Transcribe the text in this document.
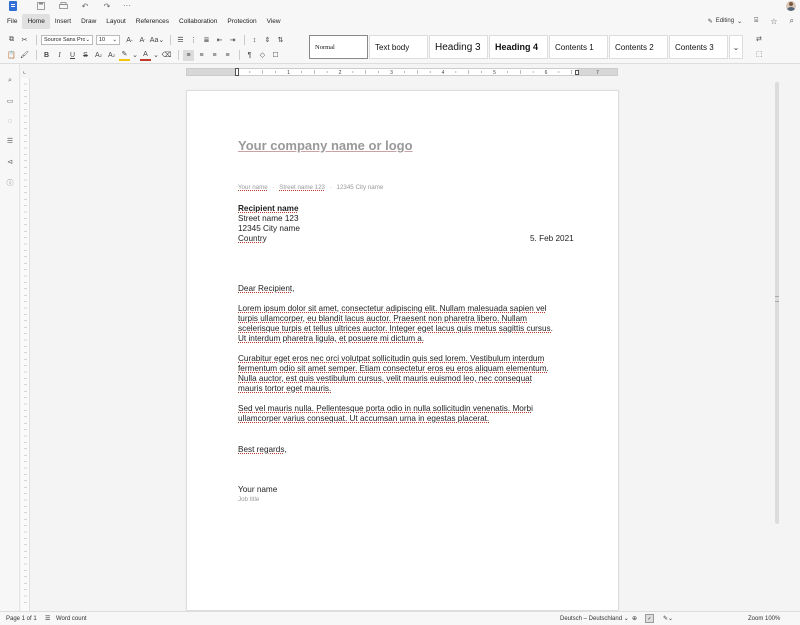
↶ ↷ ···
File	Home	Insert	Draw	Layout	References	Collaboration	Protection	View	✎ Editing ⌄ ⌸ ☆ ⌕
⧉	✂	Source Sans Pro ⌄ 10 ⌄	A ^ A ˇ Aa⌄	☰ ⋮ ≣	⇤	⇥	↕	⇕	⇅
📋 🖌	B	I	U	S	A 2 A 2 ✎ ⌄ A ⌄ ⌫	≡	≡	≡	≡	¶	◇	☐
⇄
⬚
Normal	Text body	Heading 3 Heading 4 Contents 1	Contents 2	Contents 3 ⌄
⌕
▭
◌
☰
⊲
ⓘ
⌞	1	2	3	4	5	6	7
Your company name or logo
Your name · Street name 123 · 12345 City name
Recipient name
Street name 123
12345 City name
Country	5. Feb 2021
Dear Recipient,
Lorem ipsum dolor sit amet, consectetur adipiscing elit. Nullam malesuada sapien vel
turpis ullamcorper, eu blandit lacus auctor. Praesent non pharetra libero. Nullam
scelerisque turpis et tellus ultrices auctor. Integer eget lacus quis metus sagittis cursus.
Ut interdum pharetra ligula, et posuere mi dictum a.
Curabitur eget eros nec orci volutpat sollicitudin quis sed lorem. Vestibulum interdum
fermentum odio sit amet semper. Etiam consectetur eros eu eros aliquam elementum.
Nulla auctor, est quis vestibulum cursus, velit mauris euismod leo, nec consequat
mauris tortor eget mauris.
Sed vel mauris nulla. Pellentesque porta odio in nulla sollicitudin venenatis. Morbi
ullamcorper varius consequat. Ut accumsan urna in egestas placerat.
Best regards,
Your name
Job title
Page 1 of 1 ☰ Word count	Deutsch – Deutschland ⌄ ⊕	✓	✎⌄	Zoom 100%
